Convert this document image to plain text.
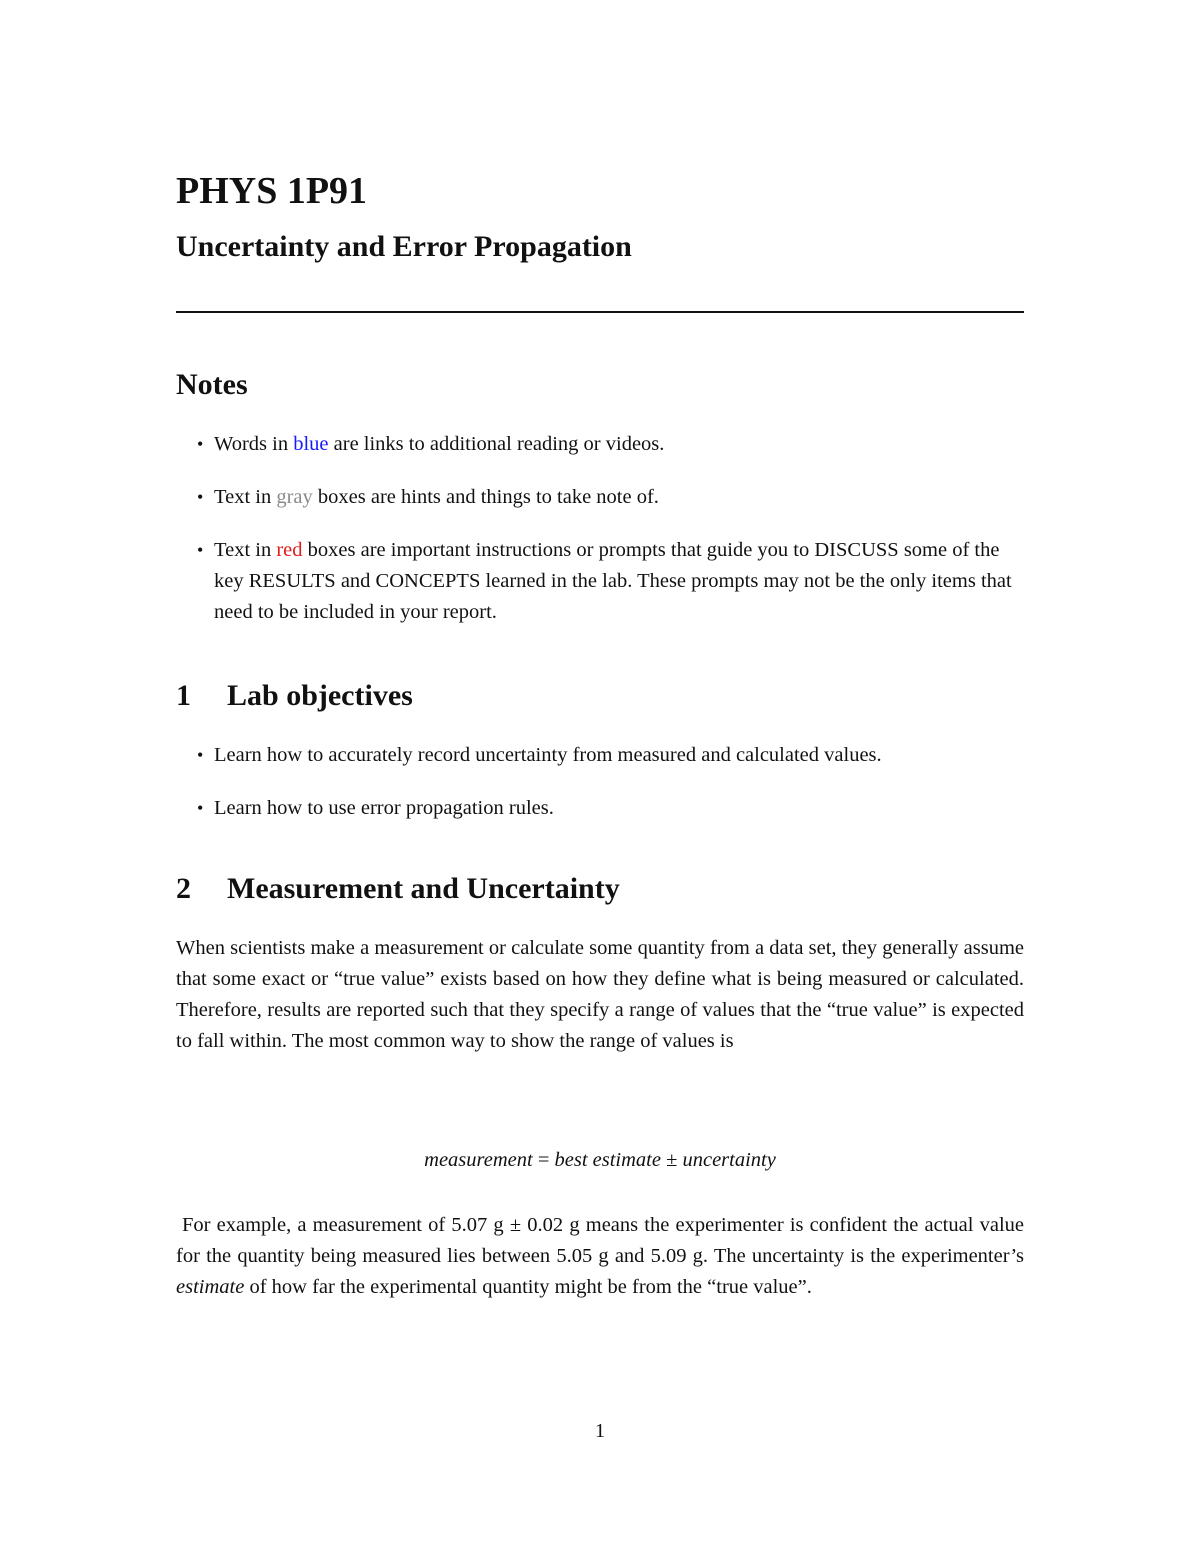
PHYS 1P91
Uncertainty and Error Propagation
Notes
• Words in blue are links to additional reading or videos.
• Text in gray boxes are hints and things to take note of.
• Text in red boxes are important instructions or prompts that guide you to DISCUSS some of the key RESULTS and CONCEPTS learned in the lab. These prompts may not be the only items that need to be included in your report.
1 Lab objectives
• Learn how to accurately record uncertainty from measured and calculated values.
• Learn how to use error propagation rules.
2 Measurement and Uncertainty

When scientists make a measurement or calculate some quantity from a data set, they generally assume that some exact or “true value” exists based on how they define what is being measured or calculated. Therefore, results are reported such that they specify a range of values that the “true value” is expected to fall within. The most common way to show the range of values is

measurement = best estimate ± uncertainty

For example, a measurement of 5.07 g ± 0.02 g means the experimenter is confident the actual value for the quantity being measured lies between 5.05 g and 5.09 g. The uncertainty is the experimenter’s estimate of how far the experimental quantity might be from the “true value”.

1
